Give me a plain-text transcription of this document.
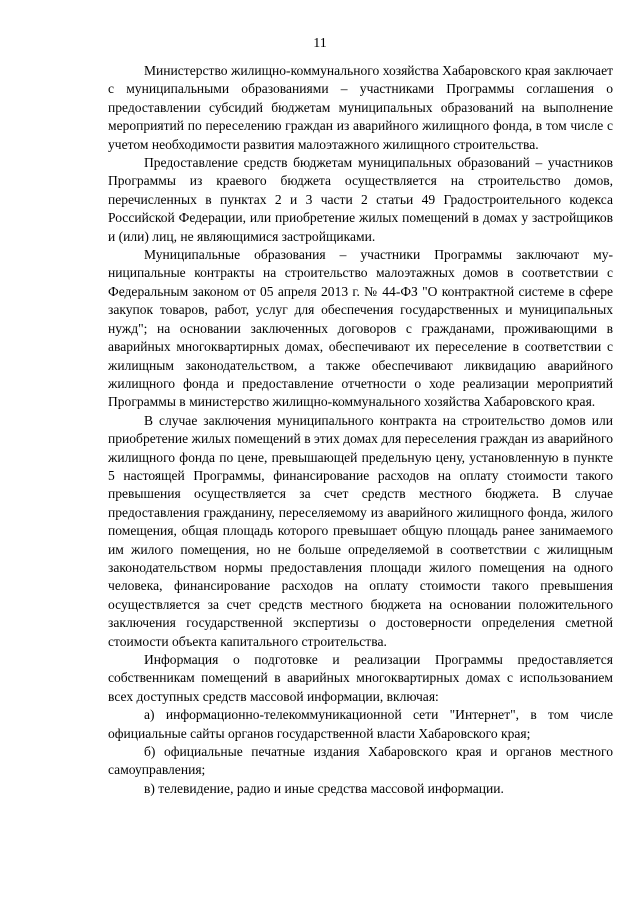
11

Министерство жилищно-коммунального хозяйства Хабаровского края заключает с муниципальными образованиями – участниками Программы соглашения о предоставлении субсидий бюджетам муниципальных образований на выполнение мероприятий по переселению граждан из аварийного жилищного фонда, в том числе с учетом необходимости развития малоэтажного жилищного строительства.

Предоставление средств бюджетам муниципальных образований – участников Программы из краевого бюджета осуществляется на строительство домов, перечисленных в пунктах 2 и 3 части 2 статьи 49 Градостроительного кодекса Российской Федерации, или приобретение жилых помещений в домах у застройщиков и (или) лиц, не являющимися застройщиками.

Муниципальные образования – участники Программы заключают муниципальные контракты на строительство малоэтажных домов в соответствии с Федеральным законом от 05 апреля 2013 г. № 44-ФЗ "О контрактной системе в сфере закупок товаров, работ, услуг для обеспечения государственных и муниципальных нужд"; на основании заключенных договоров с гражданами, проживающими в аварийных многоквартирных домах, обеспечивают их переселение в соответствии с жилищным законодательством, а также обеспечивают ликвидацию аварийного жилищного фонда и предоставление отчетности о ходе реализации мероприятий Программы в министерство жилищно-коммунального хозяйства Хабаровского края.

В случае заключения муниципального контракта на строительство домов или приобретение жилых помещений в этих домах для переселения граждан из аварийного жилищного фонда по цене, превышающей предельную цену, установленную в пункте 5 настоящей Программы, финансирование расходов на оплату стоимости такого превышения осуществляется за счет средств местного бюджета. В случае предоставления гражданину, переселяемому из аварийного жилищного фонда, жилого помещения, общая площадь которого превышает общую площадь ранее занимаемого им жилого помещения, но не больше определяемой в соответствии с жилищным законодательством нормы предоставления площади жилого помещения на одного человека, финансирование расходов на оплату стоимости такого превышения осуществляется за счет средств местного бюджета на основании положительного заключения государственной экспертизы о достоверности определения сметной стоимости объекта капитального строительства.

Информация о подготовке и реализации Программы предоставляется собственникам помещений в аварийных многоквартирных домах с использованием всех доступных средств массовой информации, включая:

а) информационно-телекоммуникационной сети "Интернет", в том числе официальные сайты органов государственной власти Хабаровского края;

б) официальные печатные издания Хабаровского края и органов местного самоуправления;

в) телевидение, радио и иные средства массовой информации.
